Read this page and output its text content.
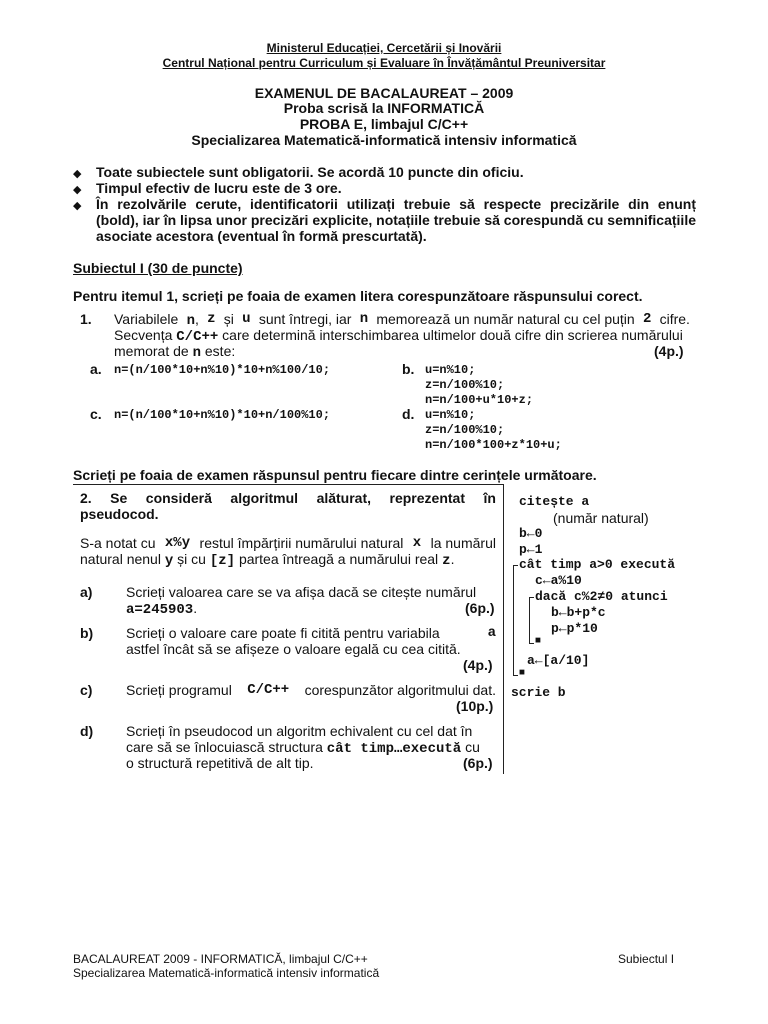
Ministerul Educației, Cercetării și Inovării
Centrul Național pentru Curriculum și Evaluare în Învățământul Preuniversitar
EXAMENUL DE BACALAUREAT – 2009
Proba scrisă la INFORMATICĂ
PROBA E, limbajul C/C++
Specializarea Matematică-informatică intensiv informatică
◆ Toate subiectele sunt obligatorii. Se acordă 10 puncte din oficiu.
◆ Timpul efectiv de lucru este de 3 ore.
◆ În rezolvările cerute, identificatorii utilizați trebuie să respecte precizările din enunț
(bold), iar în lipsa unor precizări explicite, notațiile trebuie să corespundă cu semnificațiile
asociate acestora (eventual în formă prescurtată).
Subiectul I (30 de puncte)
Pentru itemul 1, scrieți pe foaia de examen litera corespunzătoare răspunsului corect.
1. Variabilele n, z și u sunt întregi, iar n memorează un număr natural cu cel puțin 2 cifre.
Secvența C/C++ care determină interschimbarea ultimelor două cifre din scrierea numărului
memorat de n este:	(4p.)
a. n=(n/100*10+n%10)*10+n%100/10;	b. u=n%10;
z=n/100%10;
n=n/100+u*10+z;
c. n=(n/100*10+n%10)*10+n/100%10;	d. u=n%10;
z=n/100%10;
n=n/100*100+z*10+u;
Scrieți pe foaia de examen răspunsul pentru fiecare dintre cerințele următoare.
2. Se consideră algoritmul alăturat, reprezentat în
pseudocod.
S-a notat cu x%y restul împărțirii numărului natural x la numărul
natural nenul y și cu [z] partea întreagă a numărului real z.
a) Scrieți valoarea care se va afișa dacă se citește numărul
a=245903.	(6p.)
b) Scrieți o valoare care poate fi citită pentru variabila	a
astfel încât să se afișeze o valoare egală cu cea citită.
(4p.)
c) Scrieți programul C/C++ corespunzător algoritmului dat.
(10p.)
d) Scrieți în pseudocod un algoritm echivalent cu cel dat în
care să se înlocuiască structura cât timp…execută cu
o structură repetitivă de alt tip.	(6p.)
citește a
(număr natural)
b←0
p←1
cât timp a>0 execută
c←a%10
dacă c%2≠0 atunci
b←b+p*c
p←p*10
■
a←[a/10]
■
scrie b
BACALAUREAT 2009 - INFORMATICĂ, limbajul C/C++
Specializarea Matematică-informatică intensiv informatică
Subiectul I
